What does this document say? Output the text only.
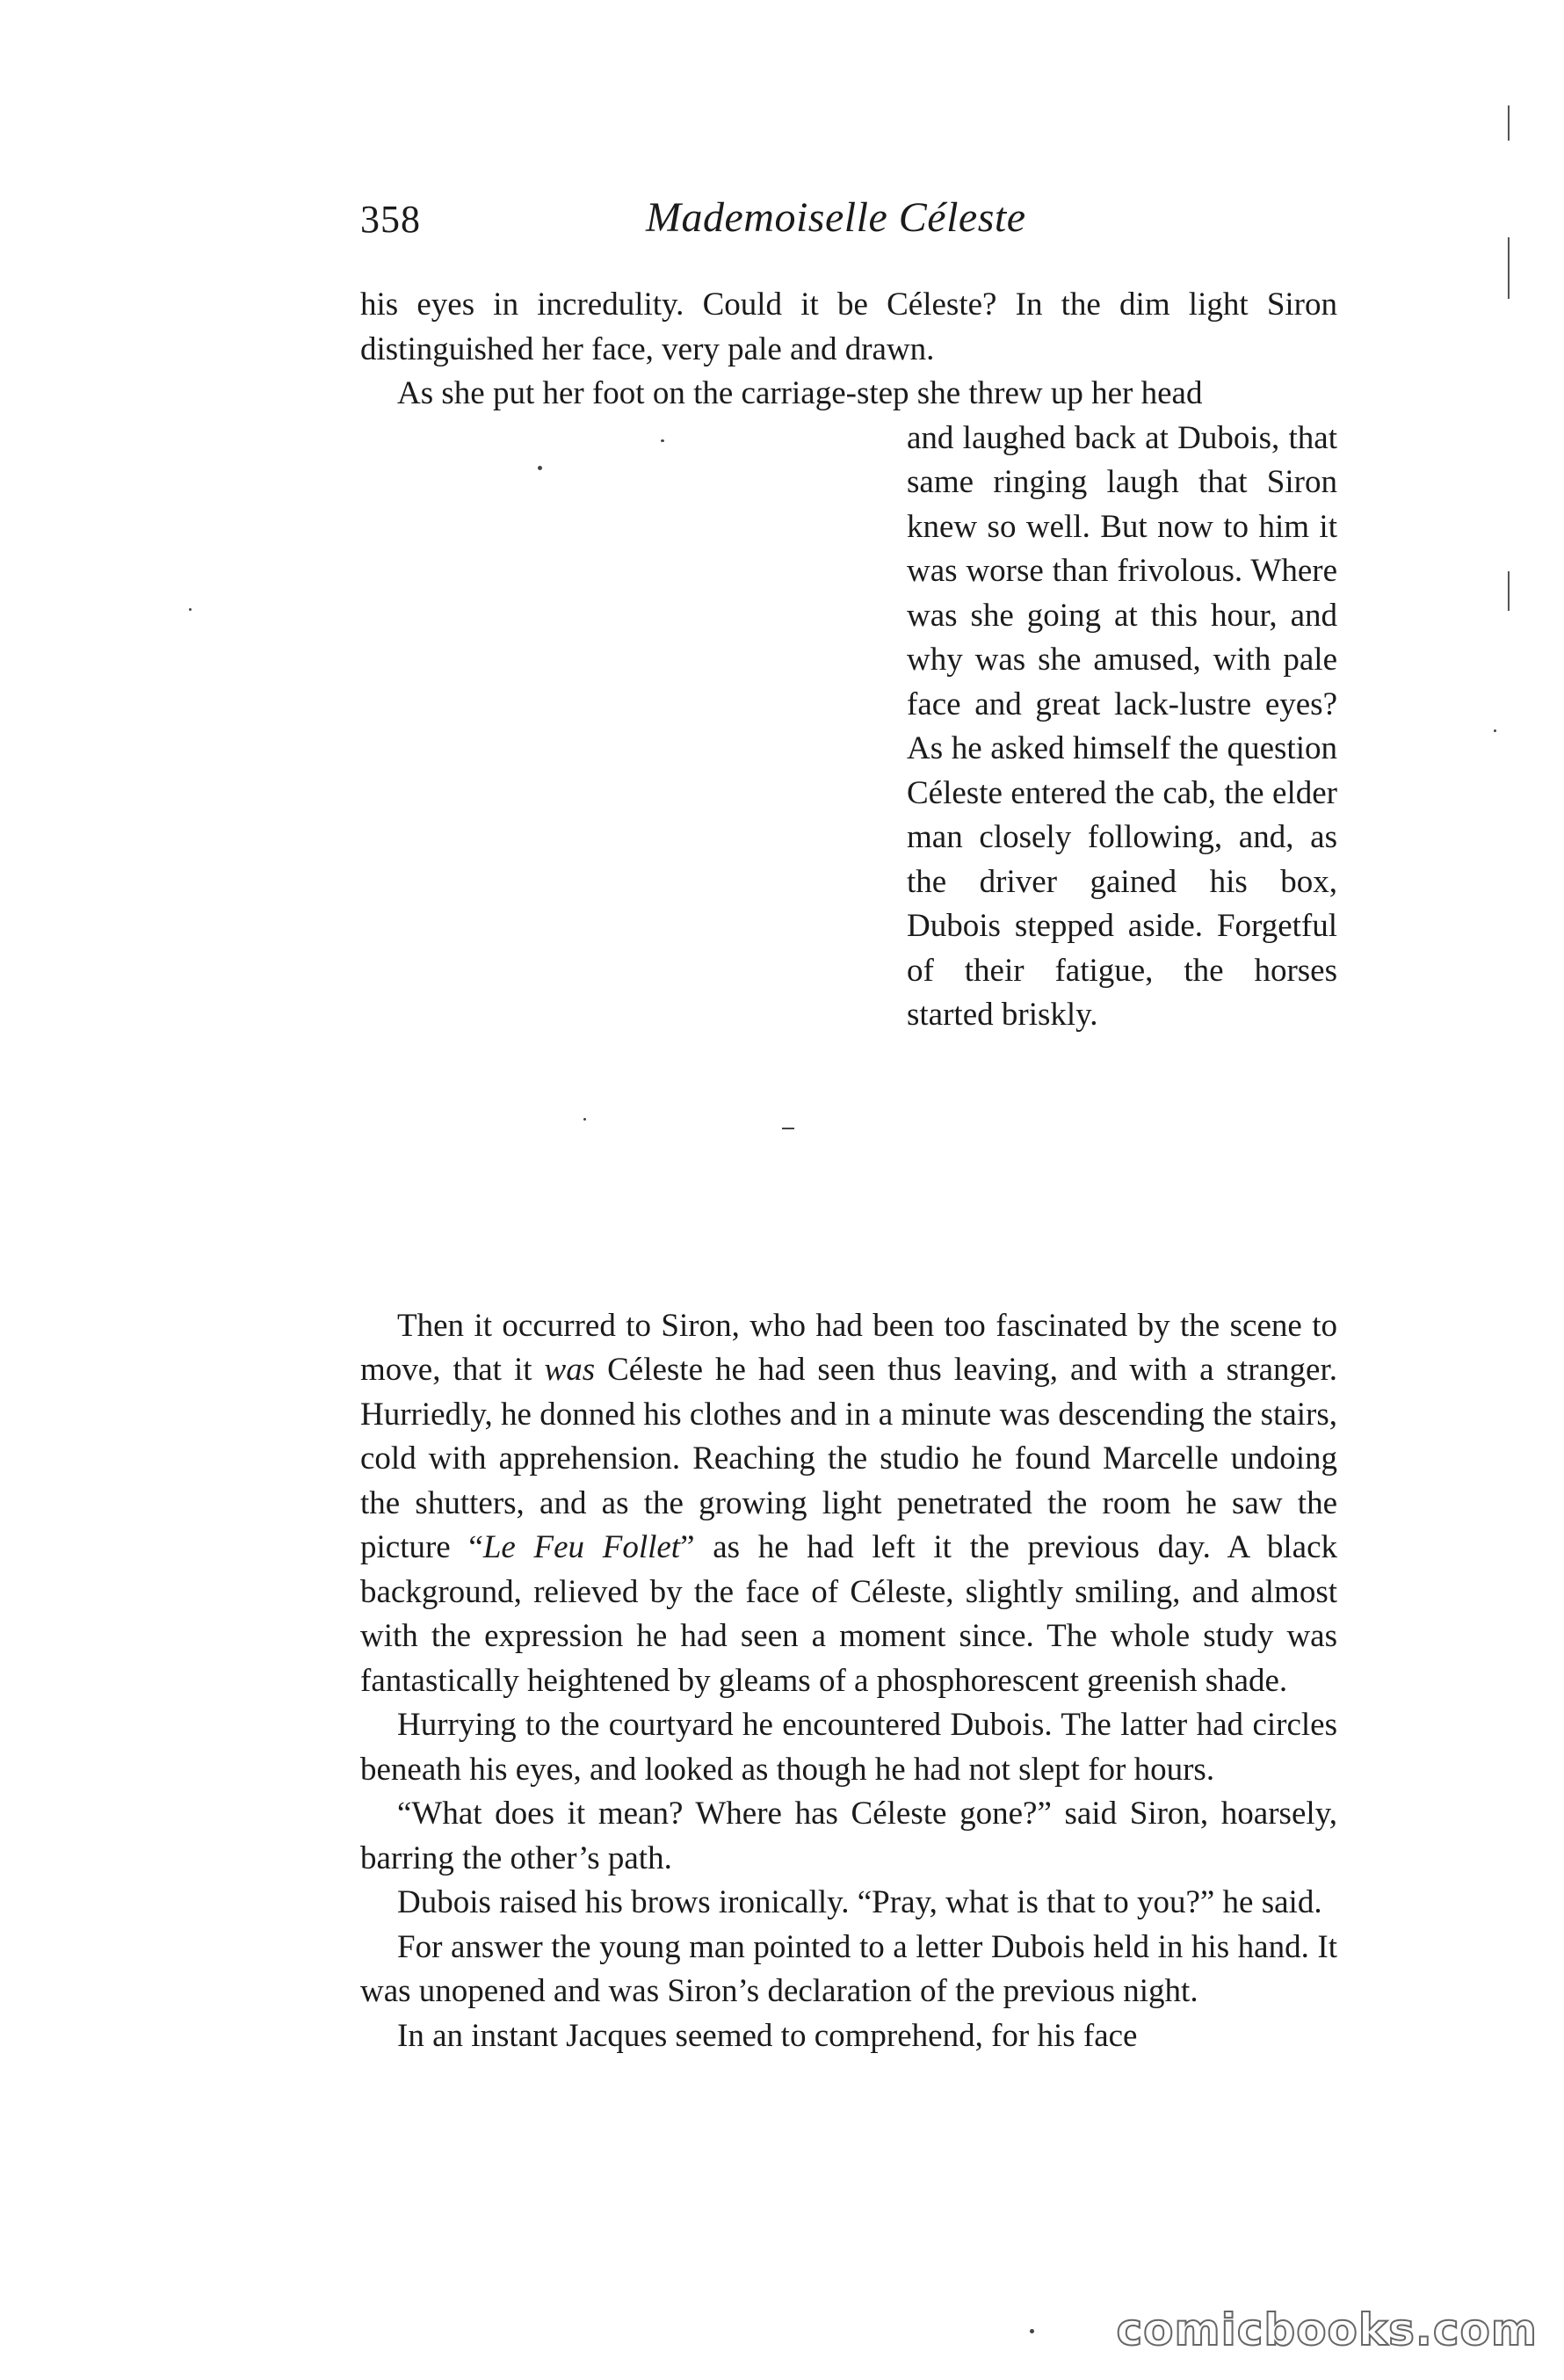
358	Mademoiselle Céleste

his eyes in incredulity. Could it be Céleste? In the dim light Siron distinguished her face, very pale and drawn.

As she put her foot on the carriage-step she threw up her head

and laughed back at Dubois, that same ringing laugh that Siron knew so well. But now to him it was worse than frivolous. Where was she going at this hour, and why was she amused, with pale face and great lack-lustre eyes? As he asked himself the question Céleste entered the cab, the elder man closely following, and, as the driver gained his box, Dubois stepped aside. Forgetful of their fatigue, the horses started briskly.

Then it occurred to Siron, who had been too fascinated by the scene to move, that it was Céleste he had seen thus leaving, and with a stranger. Hurriedly, he donned his clothes and in a minute was descending the stairs, cold with apprehension. Reaching the studio he found Marcelle undoing the shutters, and as the growing light penetrated the room he saw the picture “Le Feu Follet” as he had left it the previous day. A black background, relieved by the face of Céleste, slightly smiling, and almost with the expression he had seen a moment since. The whole study was fantastically heightened by gleams of a phosphorescent greenish shade.

Hurrying to the courtyard he encountered Dubois. The latter had circles beneath his eyes, and looked as though he had not slept for hours.

“What does it mean? Where has Céleste gone?” said Siron, hoarsely, barring the other’s path.

Dubois raised his brows ironically. “Pray, what is that to you?” he said.

For answer the young man pointed to a letter Dubois held in his hand. It was unopened and was Siron’s declaration of the previous night.

In an instant Jacques seemed to comprehend, for his face

comicbooks.com
